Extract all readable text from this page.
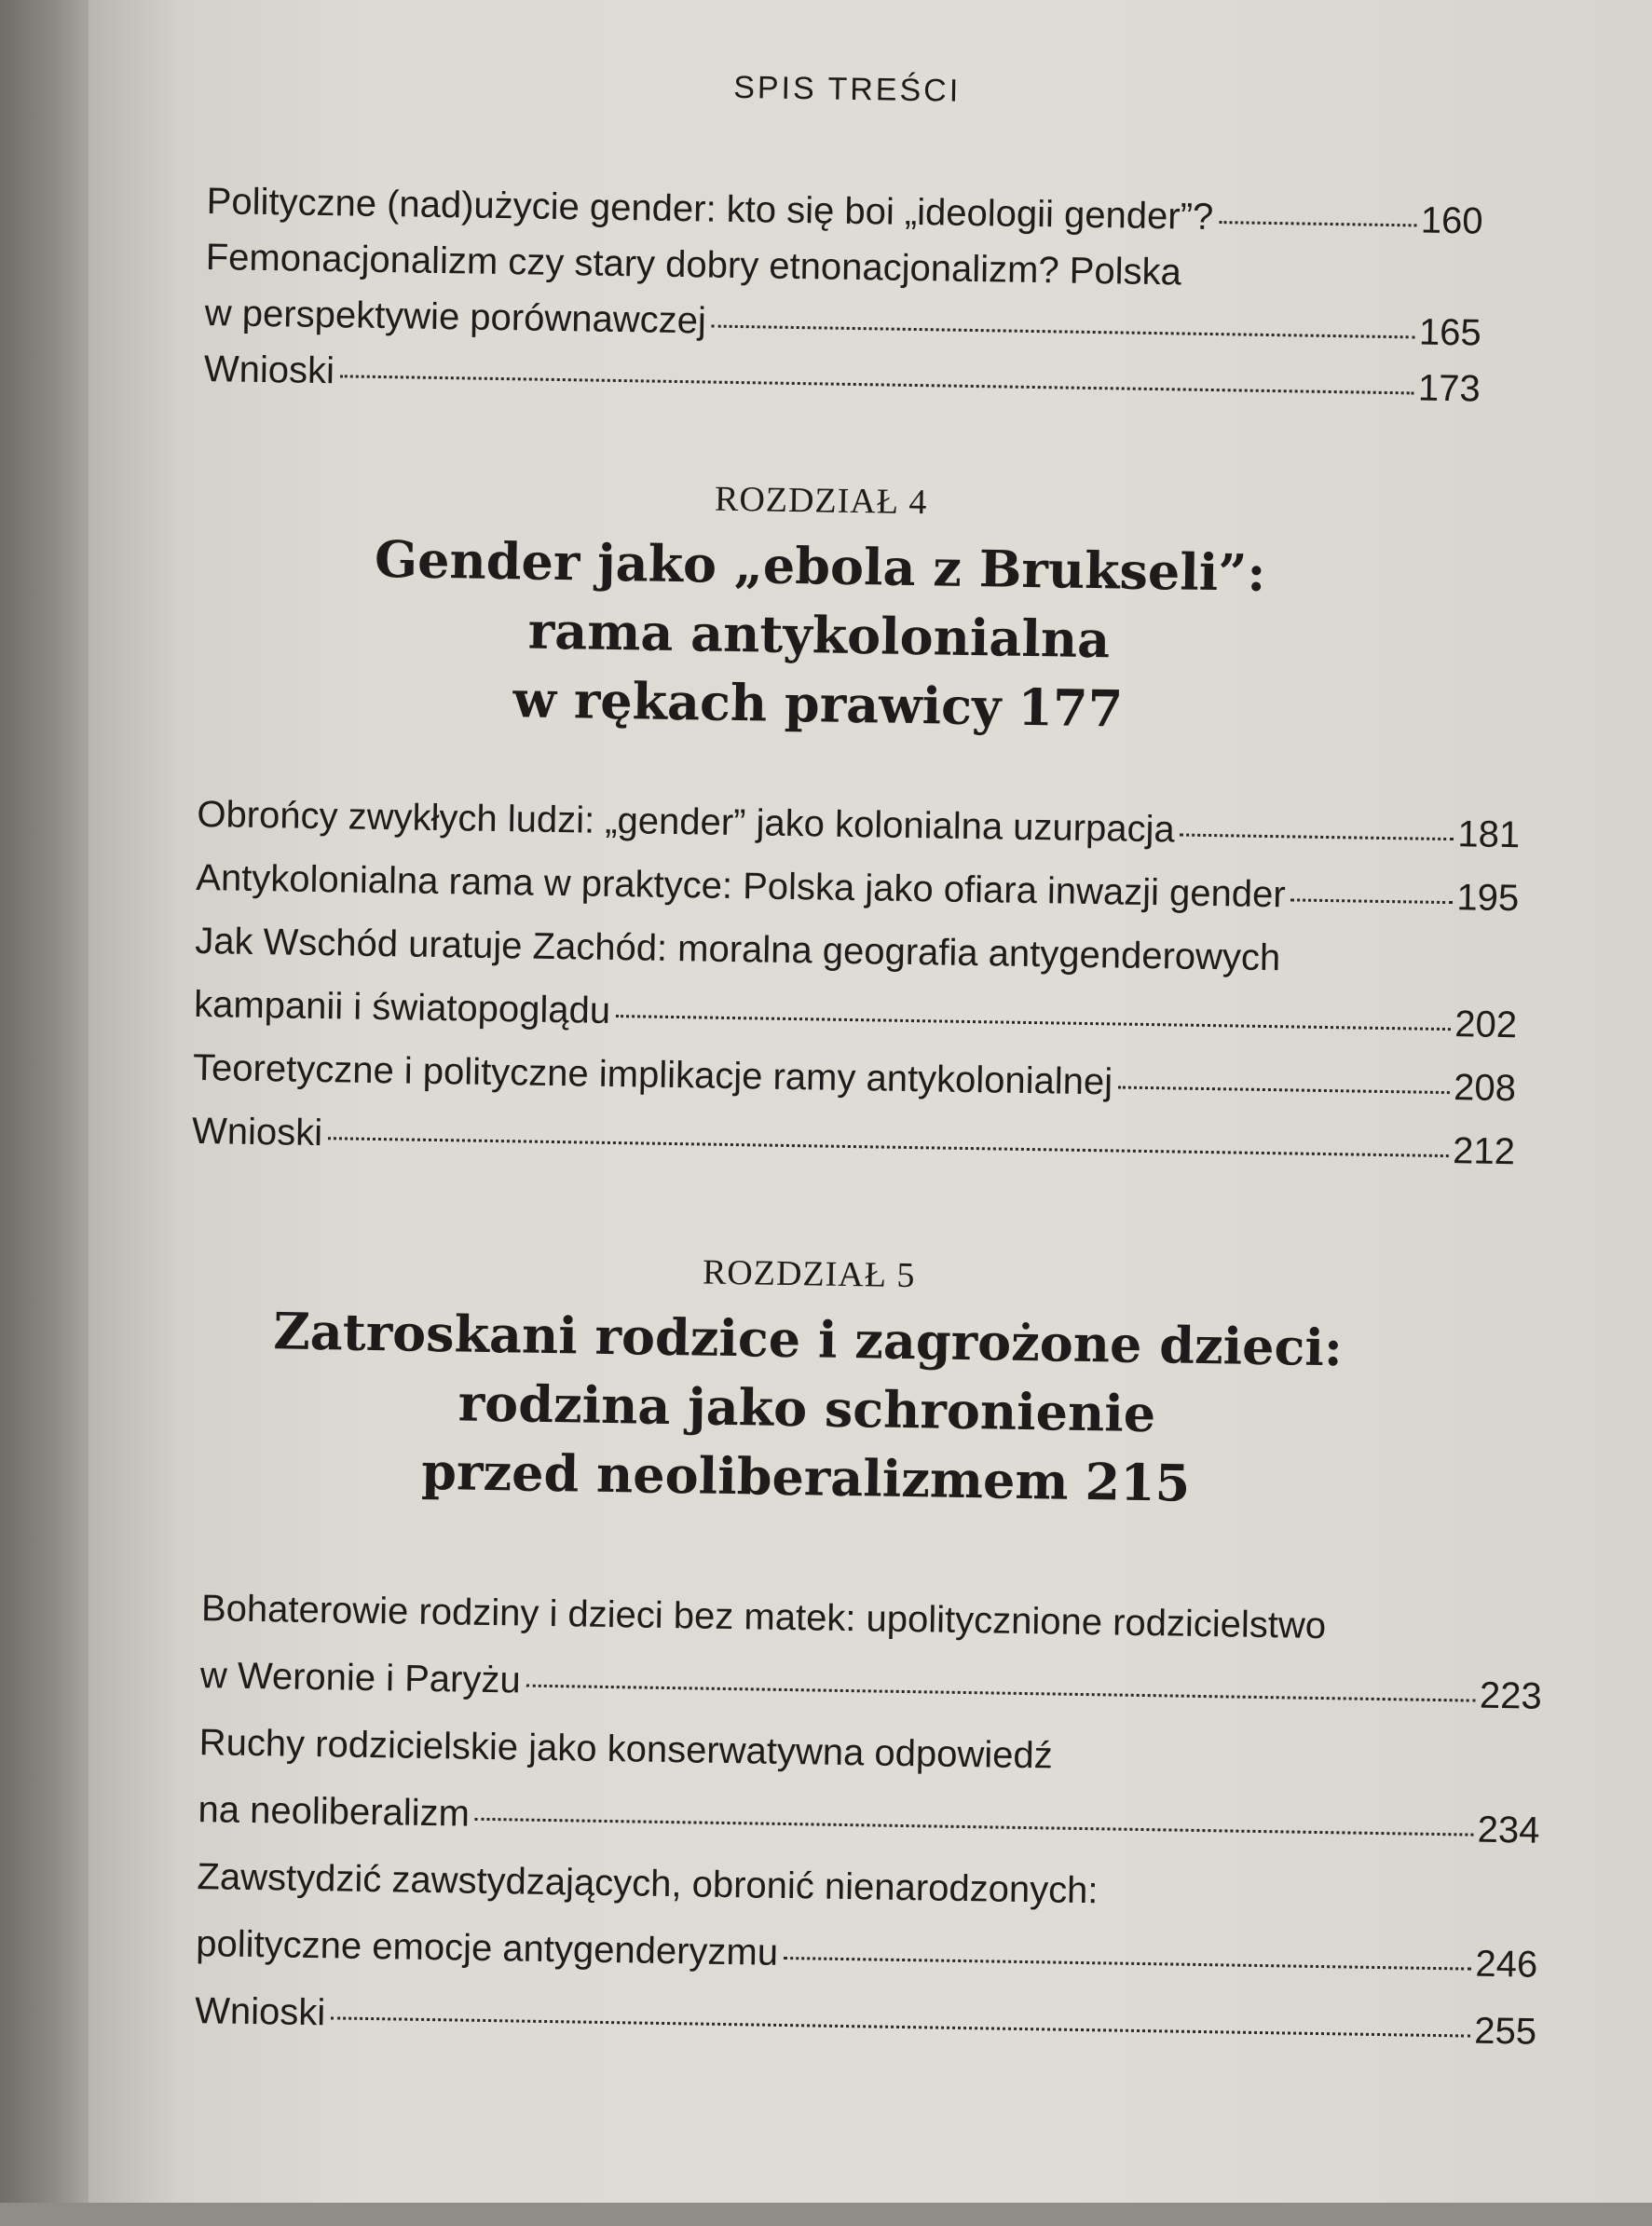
SPIS TREŚCI
Polityczne (nad)użycie gender: kto się boi „ideologii gender”?	160
Femonacjonalizm czy stary dobry etnonacjonalizm? Polska
w perspektywie porównawczej	165
Wnioski	173
ROZDZIAŁ 4
Gender jako „ebola z Brukseli”:
rama antykolonialna
w rękach prawicy 177
Obrońcy zwykłych ludzi: „gender” jako kolonialna uzurpacja	181
Antykolonialna rama w praktyce: Polska jako ofiara inwazji gender	195
Jak Wschód uratuje Zachód: moralna geografia antygenderowych
kampanii i światopoglądu	202
Teoretyczne i polityczne implikacje ramy antykolonialnej	208
Wnioski	212
ROZDZIAŁ 5
Zatroskani rodzice i zagrożone dzieci:
rodzina jako schronienie
przed neoliberalizmem 215
Bohaterowie rodziny i dzieci bez matek: upolitycznione rodzicielstwo
w Weronie i Paryżu	223
Ruchy rodzicielskie jako konserwatywna odpowiedź
na neoliberalizm	234
Zawstydzić zawstydzających, obronić nienarodzonych:
polityczne emocje antygenderyzmu	246
Wnioski	255
